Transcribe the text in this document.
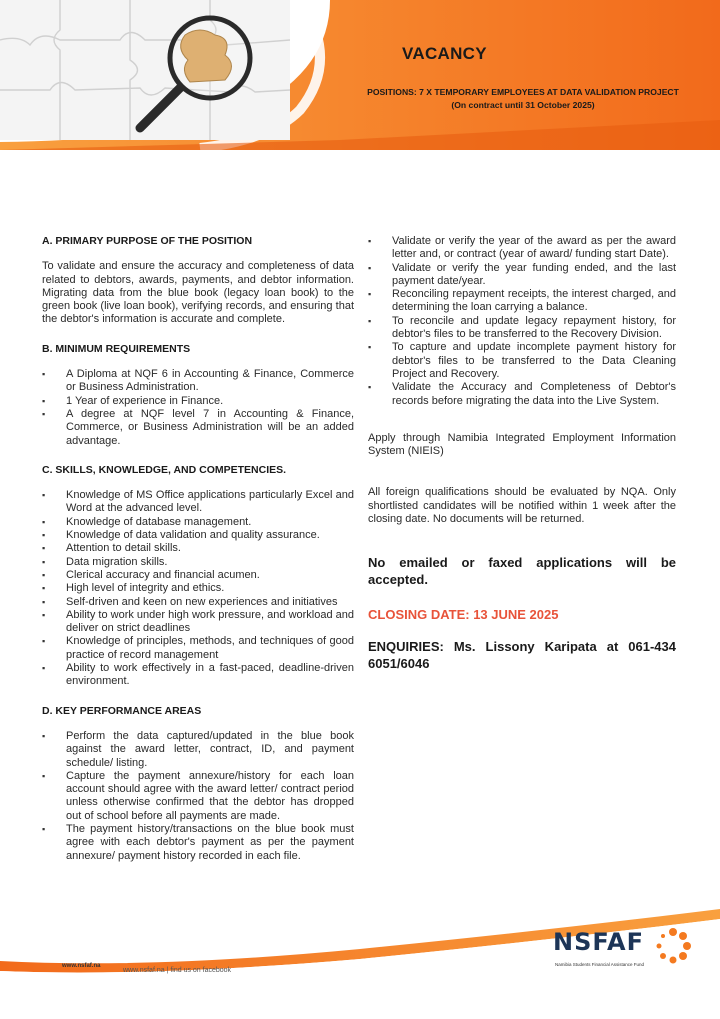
VACANCY
POSITIONS: 7 X TEMPORARY EMPLOYEES AT DATA VALIDATION PROJECT
(On contract until 31 October 2025)
A. PRIMARY PURPOSE OF THE POSITION

To validate and ensure the accuracy and completeness of data related to debtors, awards, payments, and debtor information. Migrating data from the blue book (legacy loan book) to the green book (live loan book), verifying records, and ensuring that the debtor's information is accurate and complete.

B. MINIMUM REQUIREMENTS
▪ A Diploma at NQF 6 in Accounting & Finance, Commerce or Business Administration.
▪ 1 Year of experience in Finance.
▪ A degree at NQF level 7 in Accounting & Finance, Commerce, or Business Administration will be an added advantage.
C. SKILLS, KNOWLEDGE, AND COMPETENCIES.
▪ Knowledge of MS Office applications particularly Excel and Word at the advanced level.
▪ Knowledge of database management.
▪ Knowledge of data validation and quality assurance.
▪ Attention to detail skills.
▪ Data migration skills.
▪ Clerical accuracy and financial acumen.
▪ High level of integrity and ethics.
▪ Self-driven and keen on new experiences and initiatives
▪ Ability to work under high work pressure, and workload and deliver on strict deadlines
▪ Knowledge of principles, methods, and techniques of good practice of record management
▪ Ability to work effectively in a fast-paced, deadline-driven environment.
D. KEY PERFORMANCE AREAS
▪ Perform the data captured/updated in the blue book against the award letter, contract, ID, and payment schedule/ listing.
▪ Capture the payment annexure/history for each loan account should agree with the award letter/ contract period unless otherwise confirmed that the debtor has dropped out of school before all payments are made.
▪ The payment history/transactions on the blue book must agree with each debtor's payment as per the payment annexure/ payment history recorded in each file.
▪ Validate or verify the year of the award as per the award letter and, or contract (year of award/ funding start Date).
▪ Validate or verify the year funding ended, and the last payment date/year.
▪ Reconciling repayment receipts, the interest charged, and determining the loan carrying a balance.
▪ To reconcile and update legacy repayment history, for debtor's files to be transferred to the Recovery Division.
▪ To capture and update incomplete payment history for debtor's files to be transferred to the Data Cleaning Project and Recovery.
▪ Validate the Accuracy and Completeness of Debtor's records before migrating the data into the Live System.

Apply through Namibia Integrated Employment Information System (NIEIS)

All foreign qualifications should be evaluated by NQA. Only shortlisted candidates will be notified within 1 week after the closing date. No documents will be returned.

No emailed or faxed applications will be accepted.

CLOSING DATE: 13 JUNE 2025

ENQUIRIES: Ms. Lissony Karipata at 061-434 6051/6046

www.nsfaf.na
www.nsfaf.na | find us on facebook
NSFAF
Namibia Students Financial Assistance Fund
